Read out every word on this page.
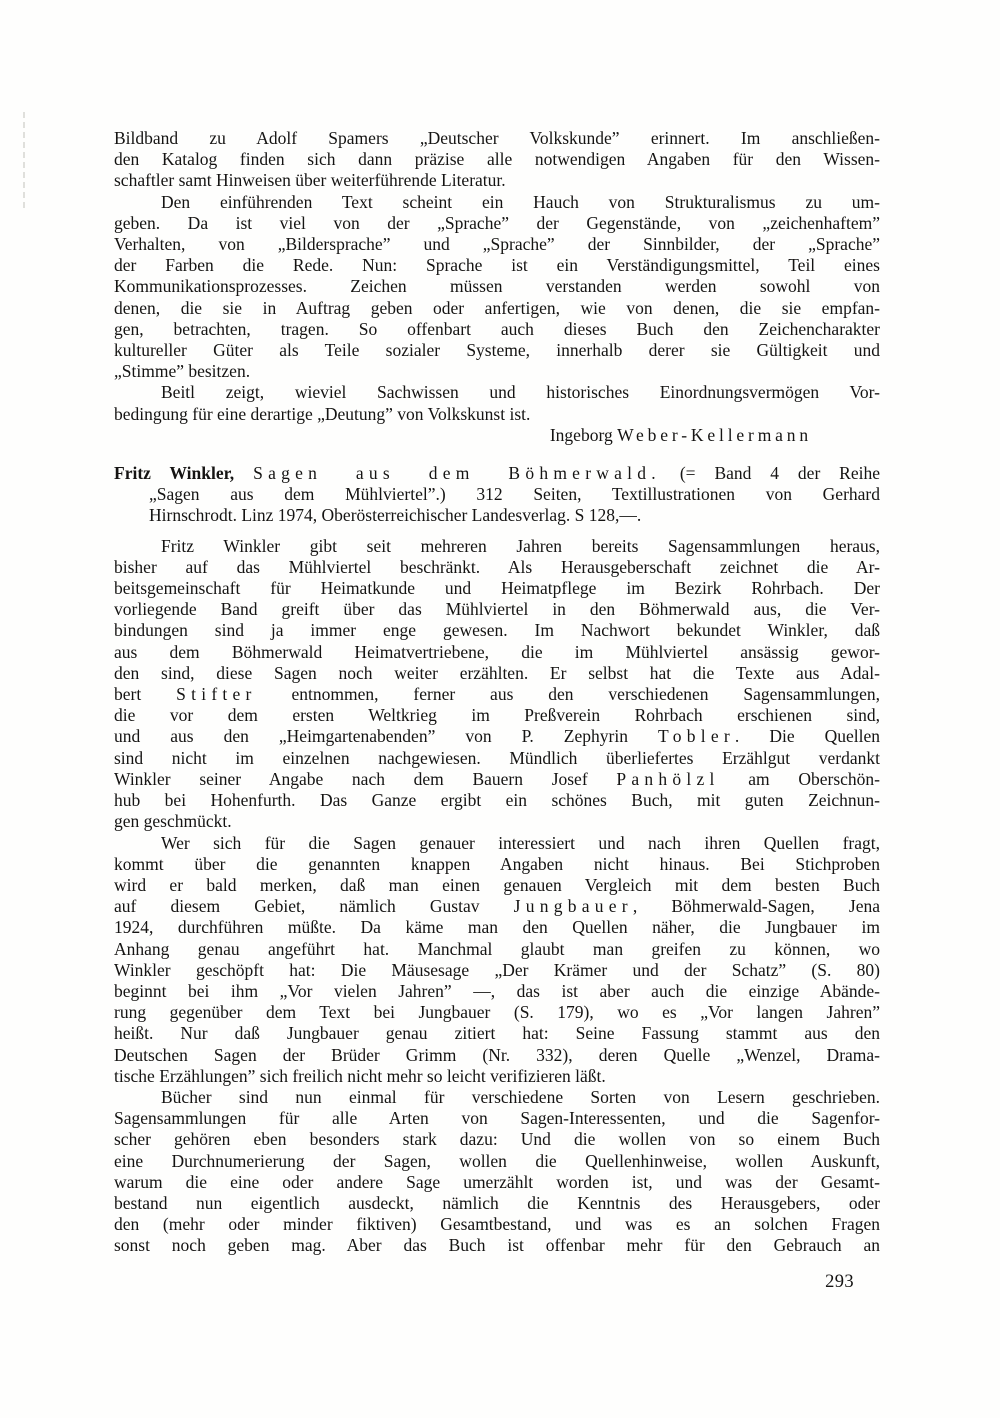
Bildband zu Adolf Spamers „Deutscher Volkskunde” erinnert. Im anschließen-
den Katalog finden sich dann präzise alle notwendigen Angaben für den Wissen-
schaftler samt Hinweisen über weiterführende Literatur.
Den einführenden Text scheint ein Hauch von Strukturalismus zu um-
geben. Da ist viel von der „Sprache” der Gegenstände, von „zeichenhaftem”
Verhalten, von „Bildersprache” und „Sprache” der Sinnbilder, der „Sprache”
der Farben die Rede. Nun: Sprache ist ein Verständigungsmittel, Teil eines
Kommunikationsprozesses. Zeichen müssen verstanden werden sowohl von
denen, die sie in Auftrag geben oder anfertigen, wie von denen, die sie empfan-
gen, betrachten, tragen. So offenbart auch dieses Buch den Zeichencharakter
kultureller Güter als Teile sozialer Systeme, innerhalb derer sie Gültigkeit und
„Stimme” besitzen.
Beitl zeigt, wieviel Sachwissen und historisches Einordnungsvermögen Vor-
bedingung für eine derartige „Deutung” von Volkskunst ist.
Ingeborg Weber-Kellermann
Fritz Winkler, Sagen aus dem Böhmerwald. (= Band 4 der Reihe
„Sagen aus dem Mühlviertel”.) 312 Seiten, Textillustrationen von Gerhard
Hirnschrodt. Linz 1974, Oberösterreichischer Landesverlag. S 128,—.
Fritz Winkler gibt seit mehreren Jahren bereits Sagensammlungen heraus,
bisher auf das Mühlviertel beschränkt. Als Herausgeberschaft zeichnet die Ar-
beitsgemeinschaft für Heimatkunde und Heimatpflege im Bezirk Rohrbach. Der
vorliegende Band greift über das Mühlviertel in den Böhmerwald aus, die Ver-
bindungen sind ja immer enge gewesen. Im Nachwort bekundet Winkler, daß
aus dem Böhmerwald Heimatvertriebene, die im Mühlviertel ansässig gewor-
den sind, diese Sagen noch weiter erzählten. Er selbst hat die Texte aus Adal-
bert Stifter entnommen, ferner aus den verschiedenen Sagensammlungen,
die vor dem ersten Weltkrieg im Preßverein Rohrbach erschienen sind,
und aus den „Heimgartenabenden” von P. Zephyrin Tobler. Die Quellen
sind nicht im einzelnen nachgewiesen. Mündlich überliefertes Erzählgut verdankt
Winkler seiner Angabe nach dem Bauern Josef Panhölzl am Oberschön-
hub bei Hohenfurth. Das Ganze ergibt ein schönes Buch, mit guten Zeichnun-
gen geschmückt.
Wer sich für die Sagen genauer interessiert und nach ihren Quellen fragt,
kommt über die genannten knappen Angaben nicht hinaus. Bei Stichproben
wird er bald merken, daß man einen genauen Vergleich mit dem besten Buch
auf diesem Gebiet, nämlich Gustav Jungbauer, Böhmerwald-Sagen, Jena
1924, durchführen müßte. Da käme man den Quellen näher, die Jungbauer im
Anhang genau angeführt hat. Manchmal glaubt man greifen zu können, wo
Winkler geschöpft hat: Die Mäusesage „Der Krämer und der Schatz” (S. 80)
beginnt bei ihm „Vor vielen Jahren” —, das ist aber auch die einzige Abände-
rung gegenüber dem Text bei Jungbauer (S. 179), wo es „Vor langen Jahren”
heißt. Nur daß Jungbauer genau zitiert hat: Seine Fassung stammt aus den
Deutschen Sagen der Brüder Grimm (Nr. 332), deren Quelle „Wenzel, Drama-
tische Erzählungen” sich freilich nicht mehr so leicht verifizieren läßt.
Bücher sind nun einmal für verschiedene Sorten von Lesern geschrieben.
Sagensammlungen für alle Arten von Sagen-Interessenten, und die Sagenfor-
scher gehören eben besonders stark dazu: Und die wollen von so einem Buch
eine Durchnumerierung der Sagen, wollen die Quellenhinweise, wollen Auskunft,
warum die eine oder andere Sage umerzählt worden ist, und was der Gesamt-
bestand nun eigentlich ausdeckt, nämlich die Kenntnis des Herausgebers, oder
den (mehr oder minder fiktiven) Gesamtbestand, und was es an solchen Fragen
sonst noch geben mag. Aber das Buch ist offenbar mehr für den Gebrauch an
293
